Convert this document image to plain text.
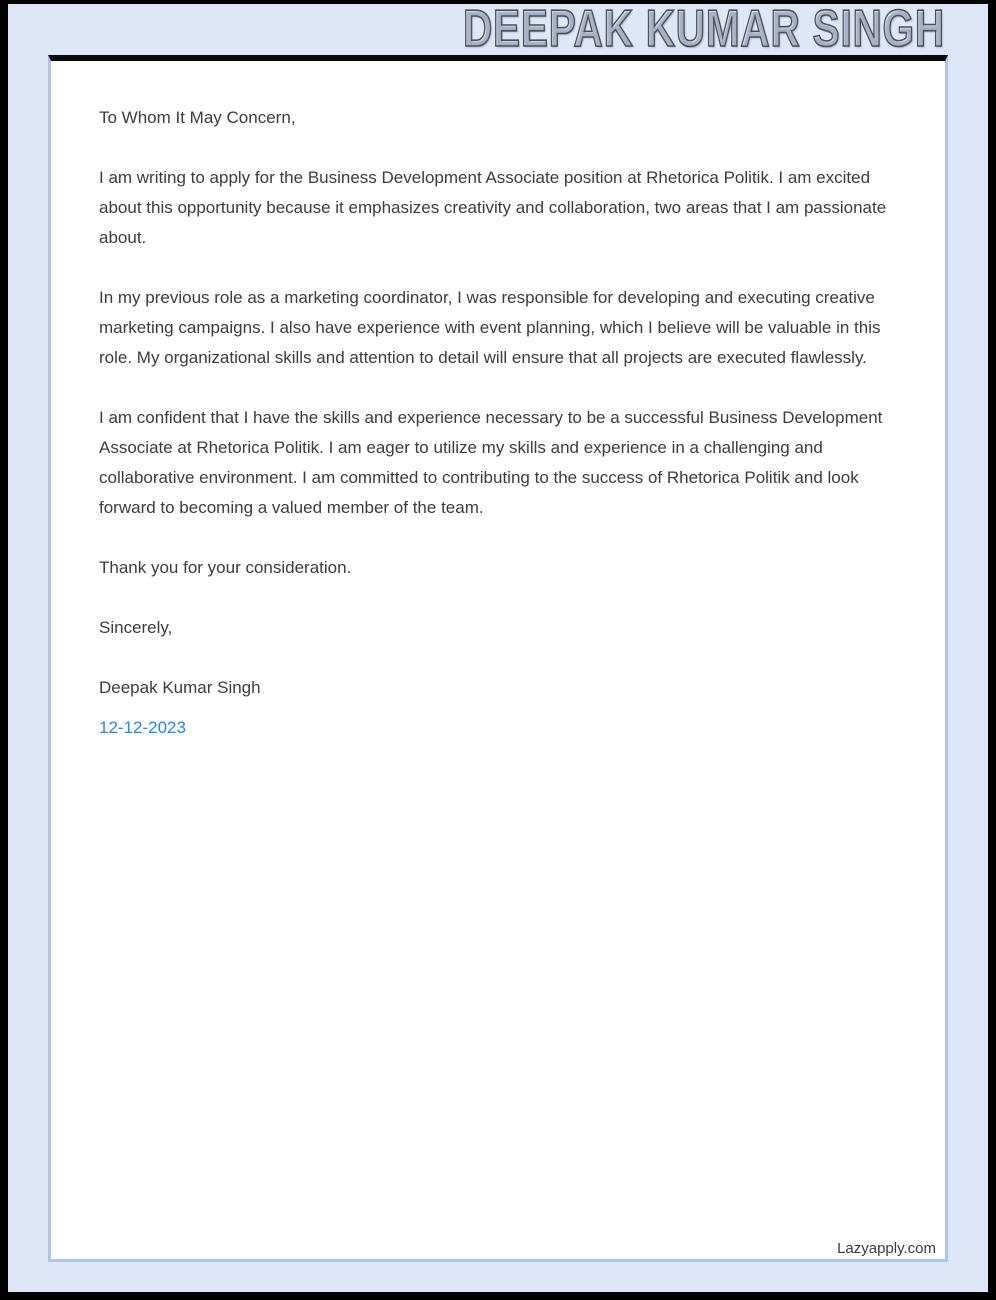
DEEPAK KUMAR SINGH

To Whom It May Concern,

I am writing to apply for the Business Development Associate position at Rhetorica Politik. I am excited about this opportunity because it emphasizes creativity and collaboration, two areas that I am passionate about.

In my previous role as a marketing coordinator, I was responsible for developing and executing creative marketing campaigns. I also have experience with event planning, which I believe will be valuable in this role. My organizational skills and attention to detail will ensure that all projects are executed flawlessly.

I am confident that I have the skills and experience necessary to be a successful Business Development Associate at Rhetorica Politik. I am eager to utilize my skills and experience in a challenging and collaborative environment. I am committed to contributing to the success of Rhetorica Politik and look forward to becoming a valued member of the team.

Thank you for your consideration.

Sincerely,

Deepak Kumar Singh

12-12-2023

Lazyapply.com
